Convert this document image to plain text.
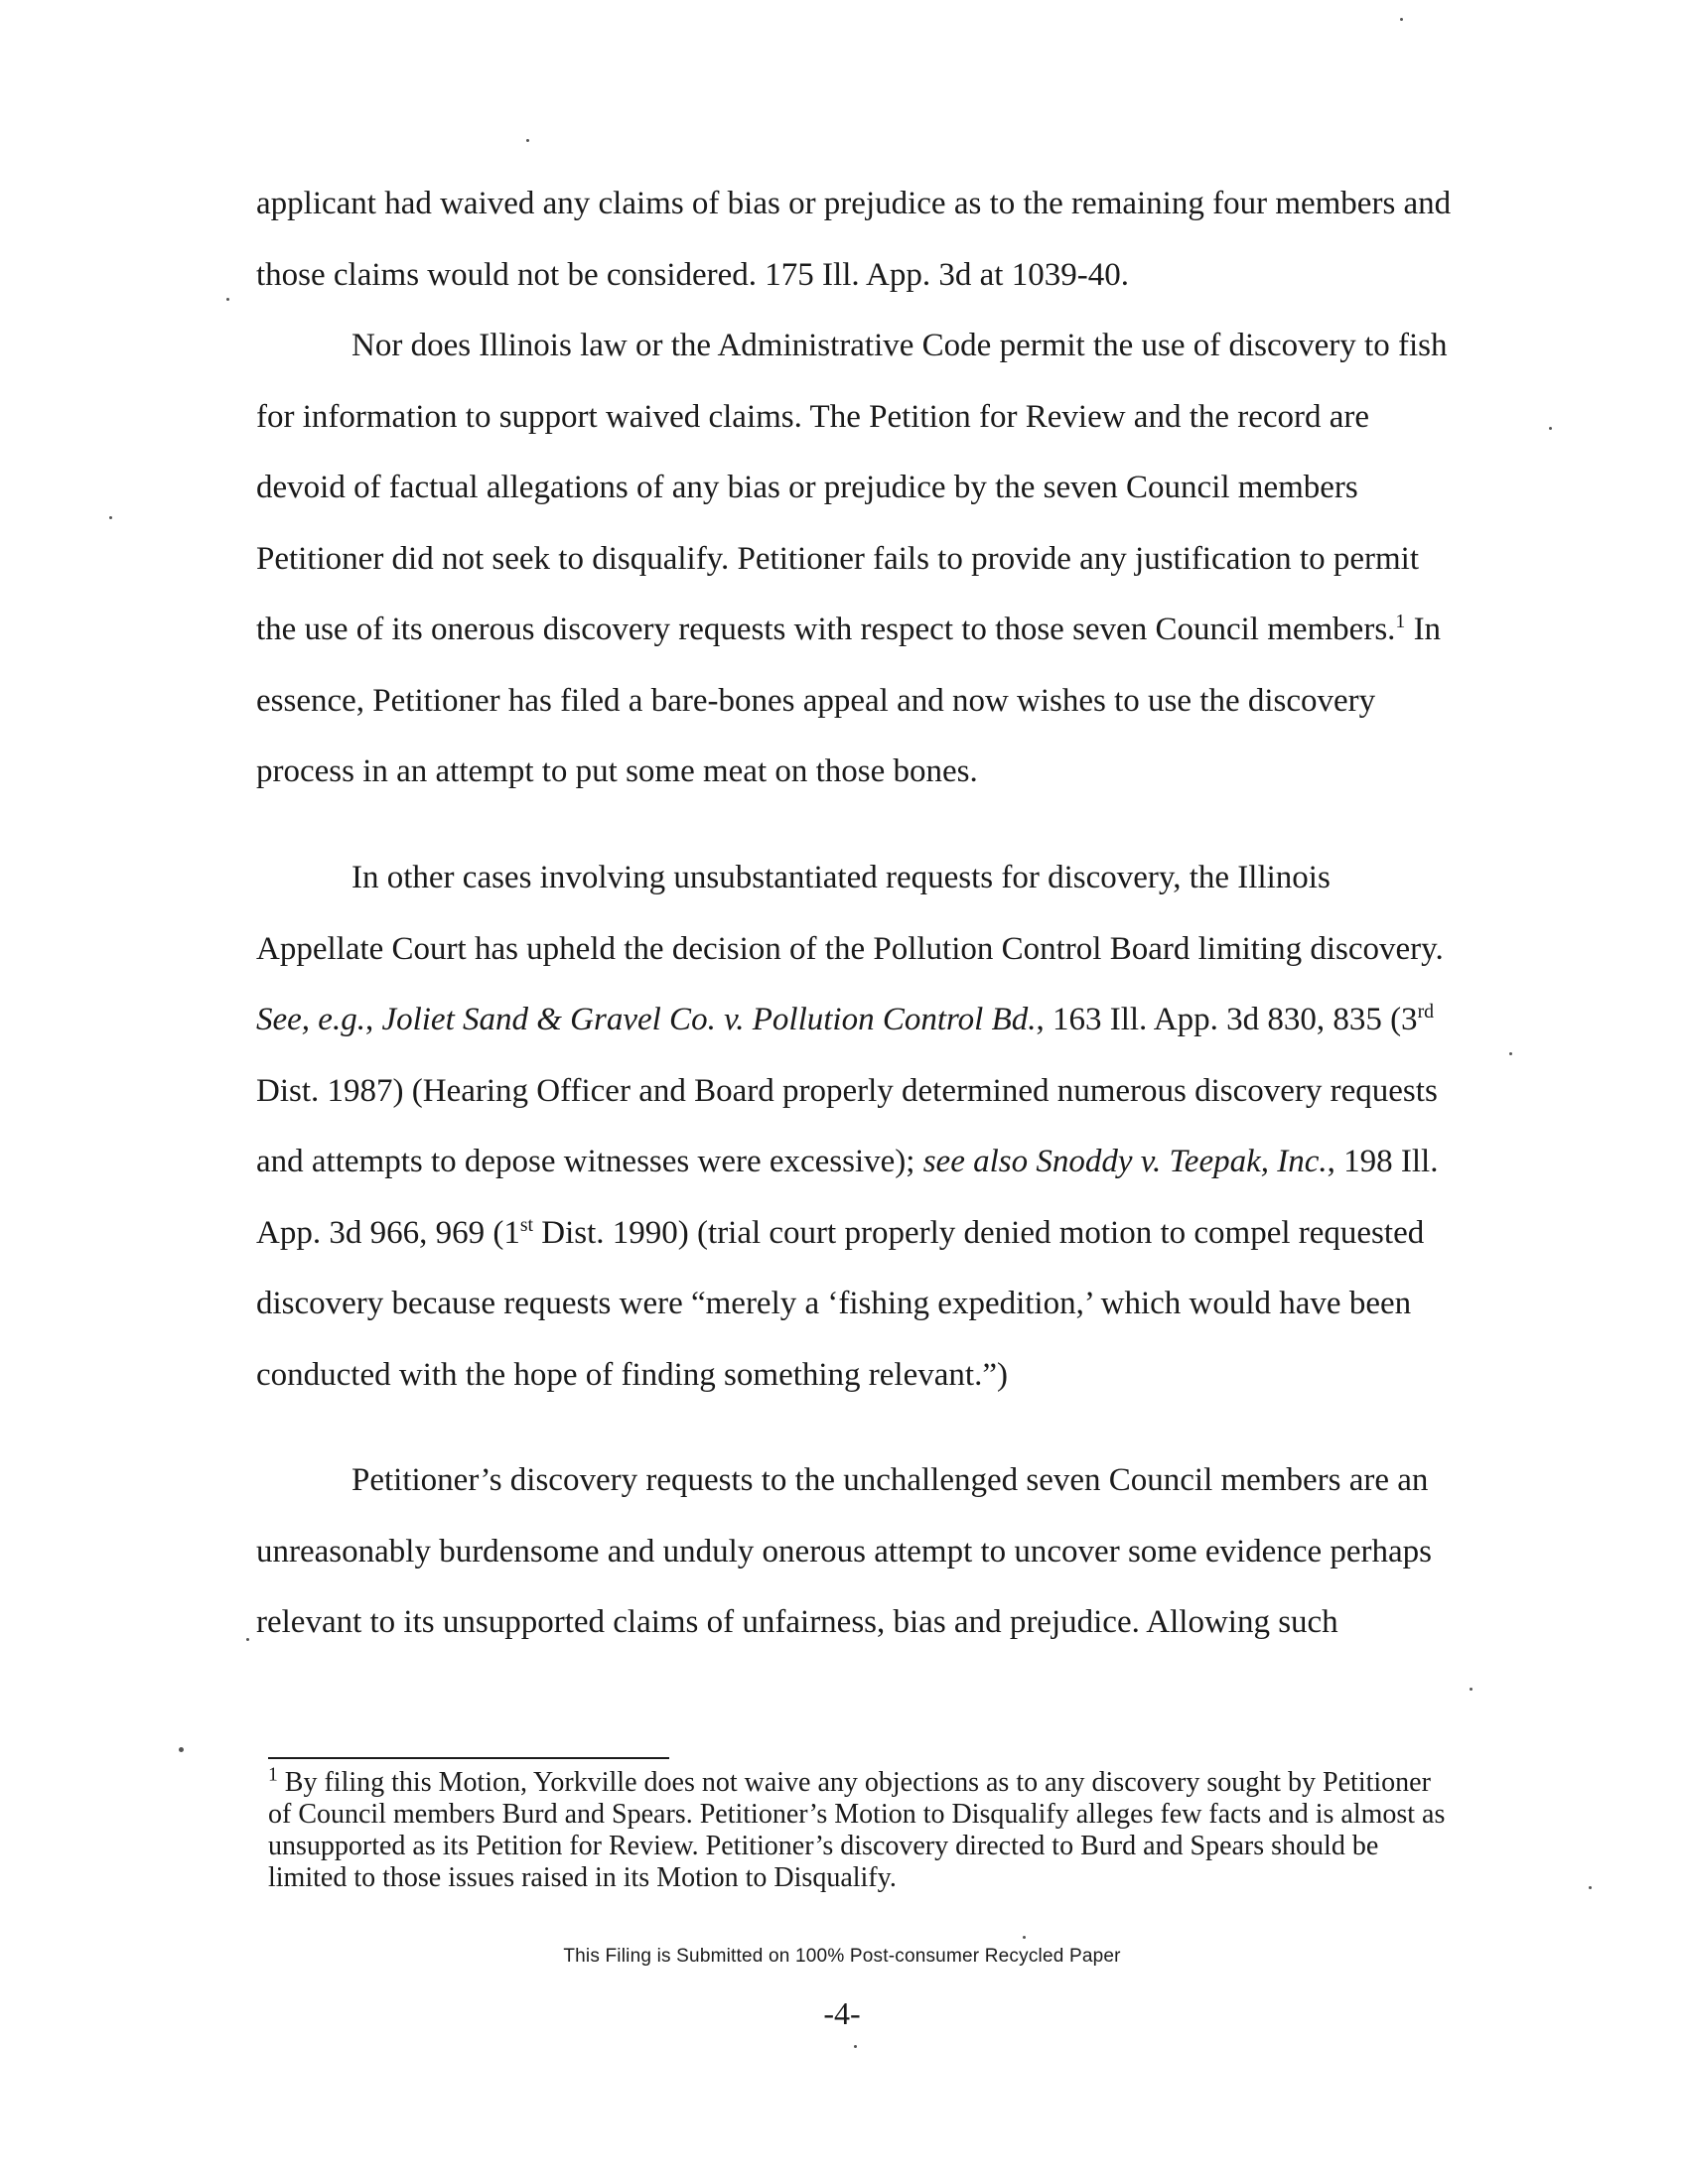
applicant had waived any claims of bias or prejudice as to the remaining four members and those claims would not be considered. 175 Ill. App. 3d at 1039-40.

Nor does Illinois law or the Administrative Code permit the use of discovery to fish for information to support waived claims. The Petition for Review and the record are devoid of factual allegations of any bias or prejudice by the seven Council members Petitioner did not seek to disqualify. Petitioner fails to provide any justification to permit the use of its onerous discovery requests with respect to those seven Council members.$^1$ In essence, Petitioner has filed a bare-bones appeal and now wishes to use the discovery process in an attempt to put some meat on those bones.

In other cases involving unsubstantiated requests for discovery, the Illinois Appellate Court has upheld the decision of the Pollution Control Board limiting discovery. See, e.g., Joliet Sand & Gravel Co. v. Pollution Control Bd., 163 Ill. App. 3d 830, 835 (3rd Dist. 1987) (Hearing Officer and Board properly determined numerous discovery requests and attempts to depose witnesses were excessive); see also Snoddy v. Teepak, Inc., 198 Ill. App. 3d 966, 969 (1st Dist. 1990) (trial court properly denied motion to compel requested discovery because requests were “merely a ‘fishing expedition,’ which would have been conducted with the hope of finding something relevant.”)

Petitioner’s discovery requests to the unchallenged seven Council members are an unreasonably burdensome and unduly onerous attempt to uncover some evidence perhaps relevant to its unsupported claims of unfairness, bias and prejudice. Allowing such

$^1$ By filing this Motion, Yorkville does not waive any objections as to any discovery sought by Petitioner of Council members Burd and Spears. Petitioner’s Motion to Disqualify alleges few facts and is almost as unsupported as its Petition for Review. Petitioner’s discovery directed to Burd and Spears should be limited to those issues raised in its Motion to Disqualify.

This Filing is Submitted on 100% Post-consumer Recycled Paper
-4-
